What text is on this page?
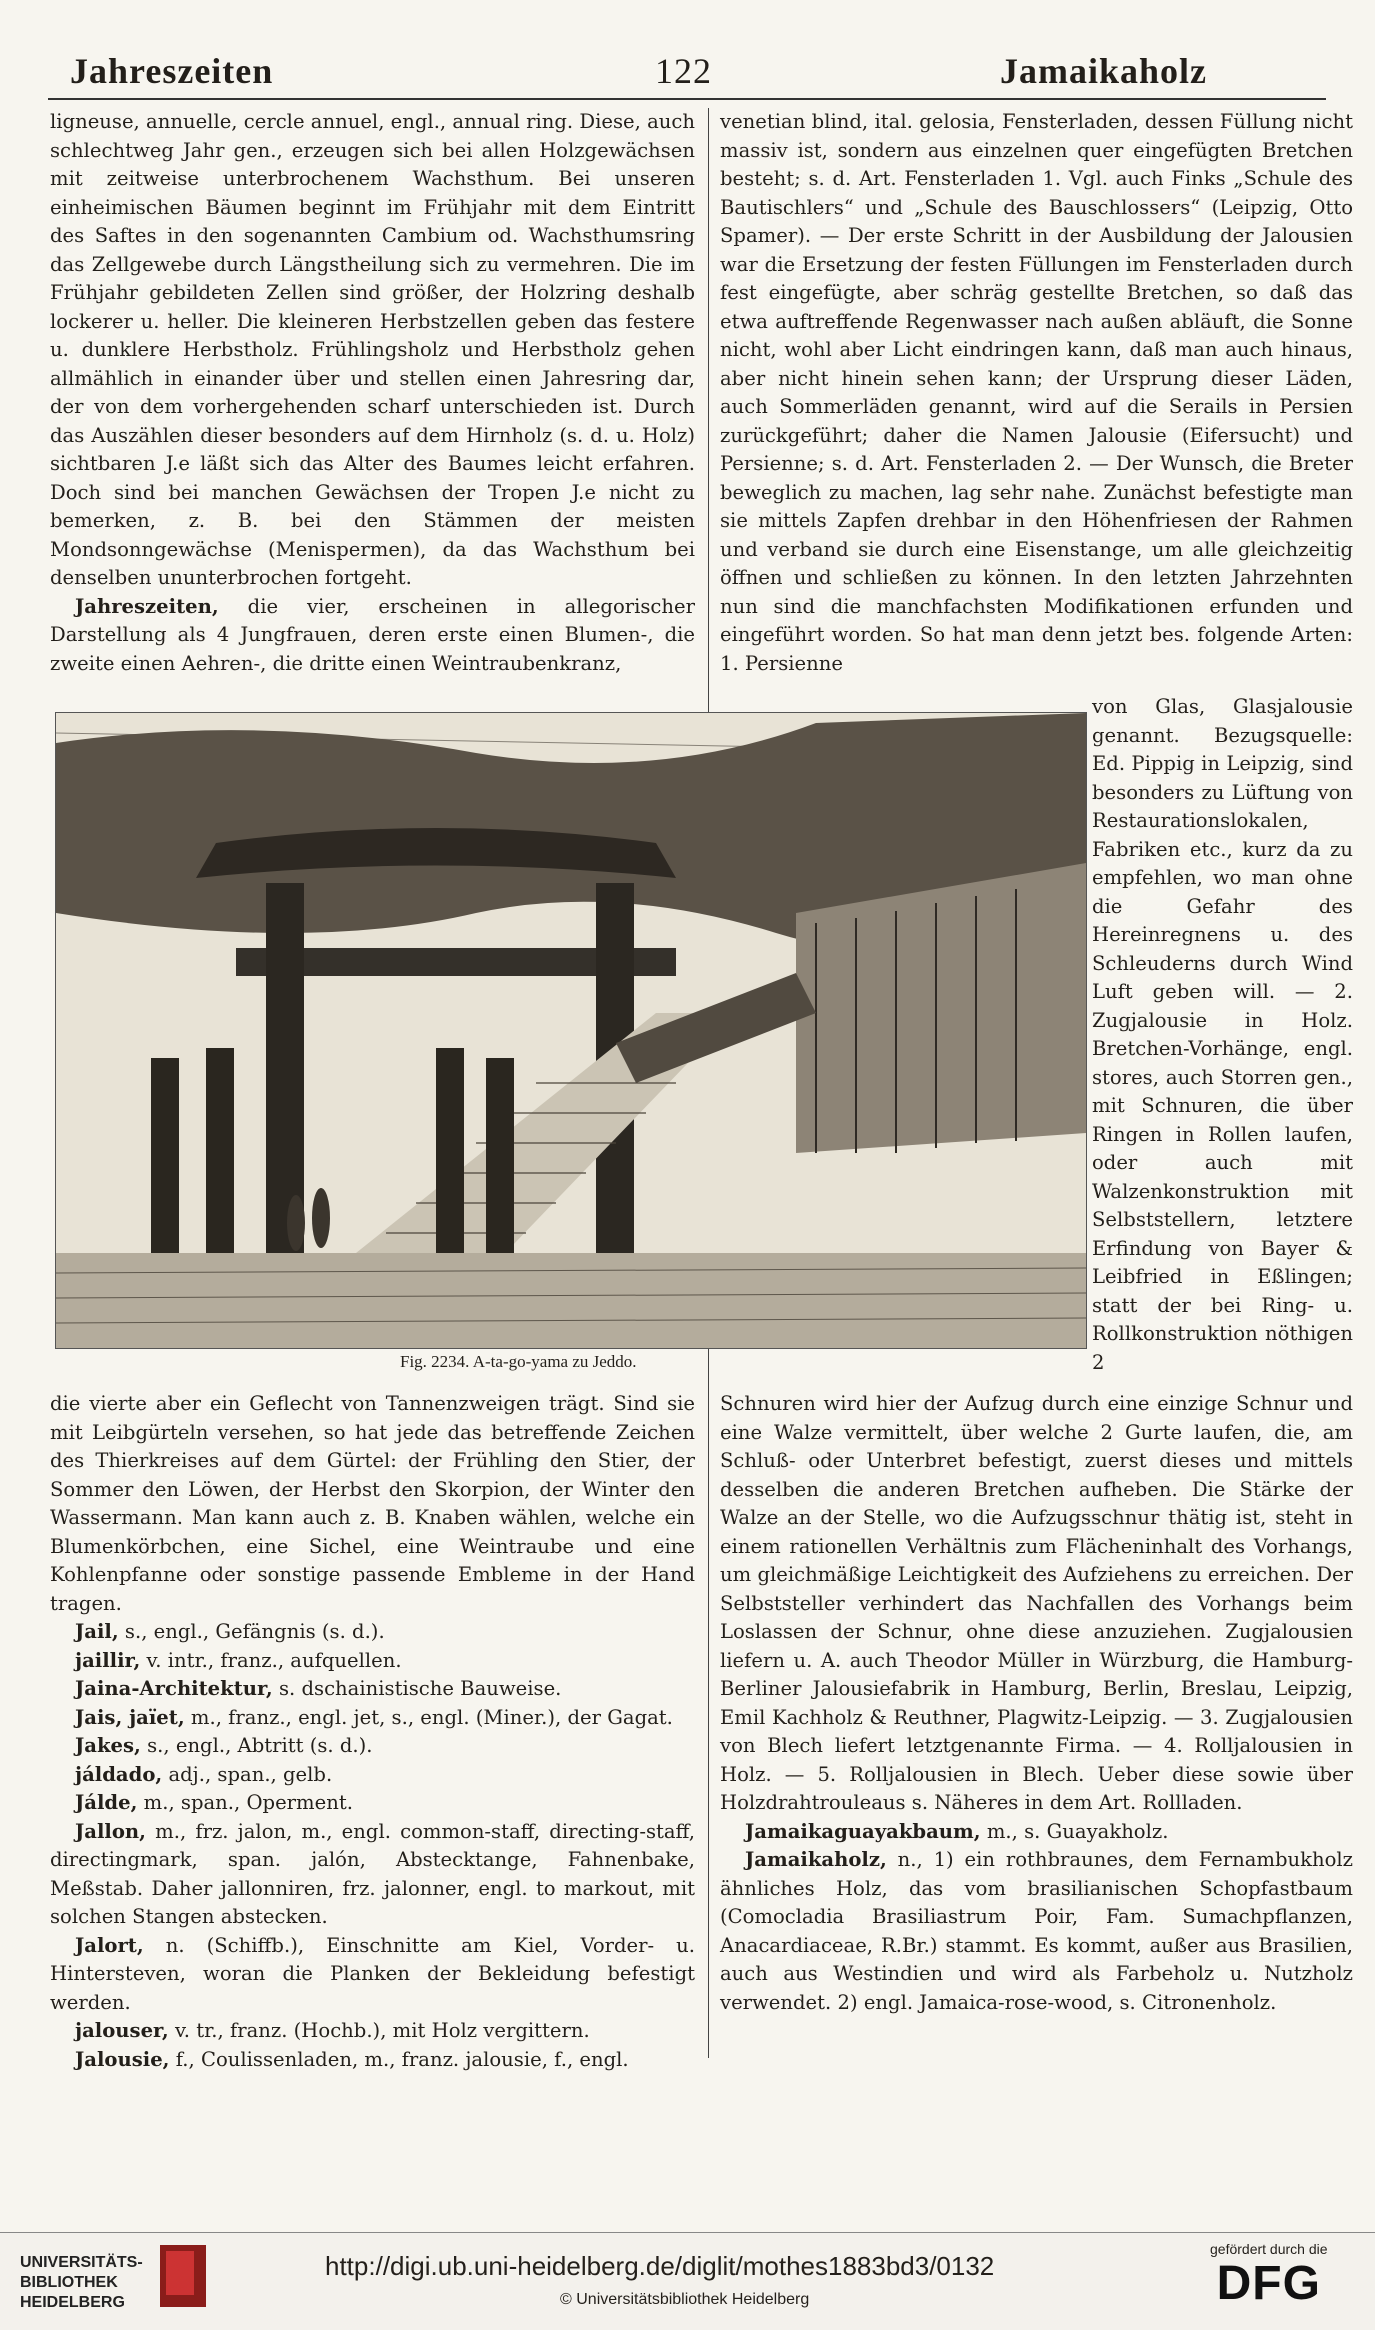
Jahreszeiten	122	Jamaikaholz

ligneuse, annuelle, cercle annuel, engl., annual ring. Diese, auch schlechtweg Jahr gen., erzeugen sich bei allen Holzgewächsen mit zeitweise unterbrochenem Wachsthum. Bei unseren einheimischen Bäumen beginnt im Frühjahr mit dem Eintritt des Saftes in den sogenannten Cambium od. Wachsthumsring das Zellgewebe durch Längstheilung sich zu vermehren. Die im Frühjahr gebildeten Zellen sind größer, der Holzring deshalb lockerer u. heller. Die kleineren Herbstzellen geben das festere u. dunklere Herbstholz. Frühlingsholz und Herbstholz gehen allmählich in einander über und stellen einen Jahresring dar, der von dem vorhergehenden scharf unterschieden ist. Durch das Auszählen dieser besonders auf dem Hirnholz (s. d. u. Holz) sichtbaren J.e läßt sich das Alter des Baumes leicht erfahren. Doch sind bei manchen Gewächsen der Tropen J.e nicht zu bemerken, z. B. bei den Stämmen der meisten Mondsonngewächse (Menispermen), da das Wachsthum bei denselben ununterbrochen fortgeht.

Jahreszeiten, die vier, erscheinen in allegorischer Darstellung als 4 Jungfrauen, deren erste einen Blumen-, die zweite einen Aehren-, die dritte einen Weintraubenkranz,

Fig. 2234. A-ta-go-yama zu Jeddo.

die vierte aber ein Geflecht von Tannenzweigen trägt. Sind sie mit Leibgürteln versehen, so hat jede das betreffende Zeichen des Thierkreises auf dem Gürtel: der Frühling den Stier, der Sommer den Löwen, der Herbst den Skorpion, der Winter den Wassermann. Man kann auch z. B. Knaben wählen, welche ein Blumenkörbchen, eine Sichel, eine Weintraube und eine Kohlenpfanne oder sonstige passende Embleme in der Hand tragen.

Jail, s., engl., Gefängnis (s. d.).

jaillir, v. intr., franz., aufquellen.

Jaina-Architektur, s. dschainistische Bauweise.

Jais, jaïet, m., franz., engl. jet, s., engl. (Miner.), der Gagat.

Jakes, s., engl., Abtritt (s. d.).

jáldado, adj., span., gelb.

Jálde, m., span., Operment.

Jallon, m., frz. jalon, m., engl. common-staff, directing-staff, directingmark, span. jalón, Abstecktange, Fahnenbake, Meßstab. Daher jallonniren, frz. jalonner, engl. to markout, mit solchen Stangen abstecken.

Jalort, n. (Schiffb.), Einschnitte am Kiel, Vorder- u. Hintersteven, woran die Planken der Bekleidung befestigt werden.

jalouser, v. tr., franz. (Hochb.), mit Holz vergittern.

Jalousie, f., Coulissenladen, m., franz. jalousie, f., engl.

venetian blind, ital. gelosia, Fensterladen, dessen Füllung nicht massiv ist, sondern aus einzelnen quer eingefügten Bretchen besteht; s. d. Art. Fensterladen 1. Vgl. auch Finks „Schule des Bautischlers“ und „Schule des Bauschlossers“ (Leipzig, Otto Spamer). — Der erste Schritt in der Ausbildung der Jalousien war die Ersetzung der festen Füllungen im Fensterladen durch fest eingefügte, aber schräg gestellte Bretchen, so daß das etwa auftreffende Regenwasser nach außen abläuft, die Sonne nicht, wohl aber Licht eindringen kann, daß man auch hinaus, aber nicht hinein sehen kann; der Ursprung dieser Läden, auch Sommerläden genannt, wird auf die Serails in Persien zurückgeführt; daher die Namen Jalousie (Eifersucht) und Persienne; s. d. Art. Fensterladen 2. — Der Wunsch, die Breter beweglich zu machen, lag sehr nahe. Zunächst befestigte man sie mittels Zapfen drehbar in den Höhenfriesen der Rahmen und verband sie durch eine Eisenstange, um alle gleichzeitig öffnen und schließen zu können. In den letzten Jahrzehnten nun sind die manchfachsten Modifikationen erfunden und eingeführt worden. So hat man denn jetzt bes. folgende Arten: 1. Persienne

von Glas, Glasjalousie genannt. Bezugsquelle: Ed. Pippig in Leipzig, sind besonders zu Lüftung von Restaurationslokalen, Fabriken etc., kurz da zu empfehlen, wo man ohne die Gefahr des Hereinregnens u. des Schleuderns durch Wind Luft geben will. — 2. Zugjalousie in Holz. Bretchen-Vorhänge, engl. stores, auch Storren gen., mit Schnuren, die über Ringen in Rollen laufen, oder auch mit Walzenkonstruktion mit Selbststellern, letztere Erfindung von Bayer & Leibfried in Eßlingen; statt der bei Ring- u. Rollkonstruktion nöthigen 2

Schnuren wird hier der Aufzug durch eine einzige Schnur und eine Walze vermittelt, über welche 2 Gurte laufen, die, am Schluß- oder Unterbret befestigt, zuerst dieses und mittels desselben die anderen Bretchen aufheben. Die Stärke der Walze an der Stelle, wo die Aufzugsschnur thätig ist, steht in einem rationellen Verhältnis zum Flächeninhalt des Vorhangs, um gleichmäßige Leichtigkeit des Aufziehens zu erreichen. Der Selbststeller verhindert das Nachfallen des Vorhangs beim Loslassen der Schnur, ohne diese anzuziehen. Zugjalousien liefern u. A. auch Theodor Müller in Würzburg, die Hamburg-Berliner Jalousiefabrik in Hamburg, Berlin, Breslau, Leipzig, Emil Kachholz & Reuthner, Plagwitz-Leipzig. — 3. Zugjalousien von Blech liefert letztgenannte Firma. — 4. Rolljalousien in Holz. — 5. Rolljalousien in Blech. Ueber diese sowie über Holzdrahtrouleaus s. Näheres in dem Art. Rollladen.

Jamaikaguayakbaum, m., s. Guayakholz.

Jamaikaholz, n., 1) ein rothbraunes, dem Fernambukholz ähnliches Holz, das vom brasilianischen Schopfastbaum (Comocladia Brasiliastrum Poir, Fam. Sumachpflanzen, Anacardiaceae, R.Br.) stammt. Es kommt, außer aus Brasilien, auch aus Westindien und wird als Farbeholz u. Nutzholz verwendet. 2) engl. Jamaica-rose-wood, s. Citronenholz.

UNIVERSITÄTS-BIBLIOTHEK HEIDELBERG
http://digi.ub.uni-heidelberg.de/diglit/mothes1883bd3/0132
© Universitätsbibliothek Heidelberg
gefördert durch die
DFG
